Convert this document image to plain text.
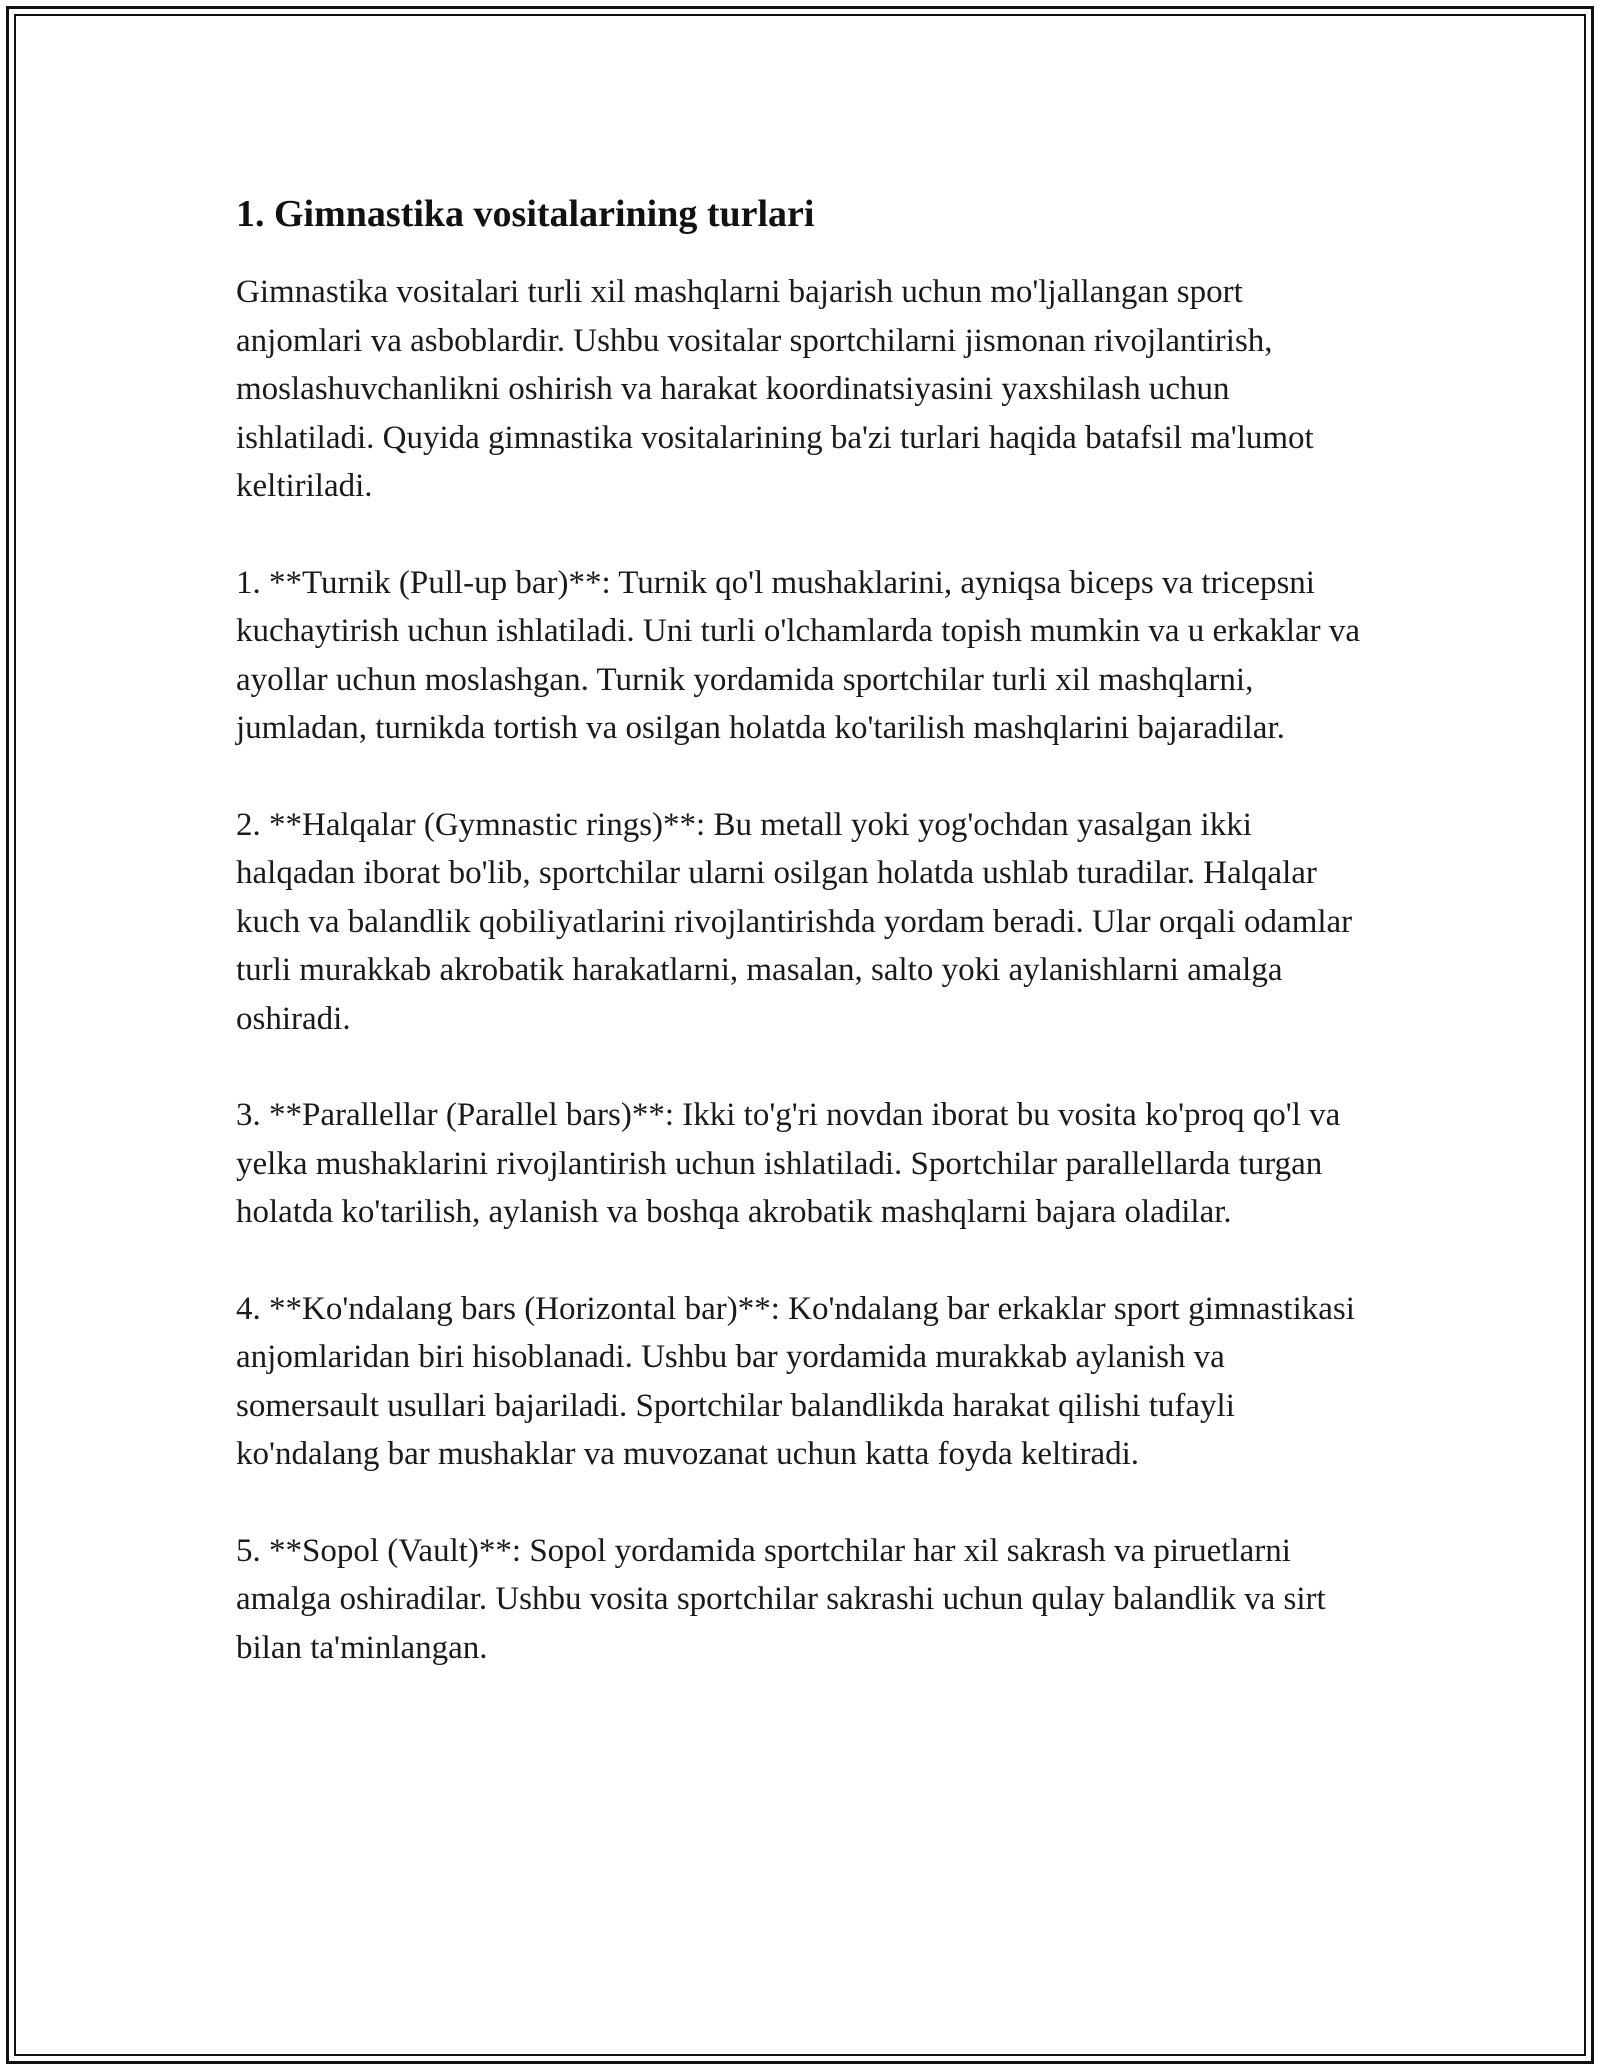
1. Gimnastika vositalarining turlari

Gimnastika vositalari turli xil mashqlarni bajarish uchun mo'ljallangan sport anjomlari va asboblardir. Ushbu vositalar sportchilarni jismonan rivojlantirish, moslashuvchanlikni oshirish va harakat koordinatsiyasini yaxshilash uchun ishlatiladi. Quyida gimnastika vositalarining ba'zi turlari haqida batafsil ma'lumot keltiriladi.

1. **Turnik (Pull-up bar)**: Turnik qo'l mushaklarini, ayniqsa biceps va tricepsni kuchaytirish uchun ishlatiladi. Uni turli o'lchamlarda topish mumkin va u erkaklar va ayollar uchun moslashgan. Turnik yordamida sportchilar turli xil mashqlarni, jumladan, turnikda tortish va osilgan holatda ko'tarilish mashqlarini bajaradilar.

2. **Halqalar (Gymnastic rings)**: Bu metall yoki yog'ochdan yasalgan ikki halqadan iborat bo'lib, sportchilar ularni osilgan holatda ushlab turadilar. Halqalar kuch va balandlik qobiliyatlarini rivojlantirishda yordam beradi. Ular orqali odamlar turli murakkab akrobatik harakatlarni, masalan, salto yoki aylanishlarni amalga oshiradi.

3. **Parallellar (Parallel bars)**: Ikki to'g'ri novdan iborat bu vosita ko'proq qo'l va yelka mushaklarini rivojlantirish uchun ishlatiladi. Sportchilar parallellarda turgan holatda ko'tarilish, aylanish va boshqa akrobatik mashqlarni bajara oladilar.

4. **Ko'ndalang bars (Horizontal bar)**: Ko'ndalang bar erkaklar sport gimnastikasi anjomlaridan biri hisoblanadi. Ushbu bar yordamida murakkab aylanish va somersault usullari bajariladi. Sportchilar balandlikda harakat qilishi tufayli ko'ndalang bar mushaklar va muvozanat uchun katta foyda keltiradi.

5. **Sopol (Vault)**: Sopol yordamida sportchilar har xil sakrash va piruetlarni amalga oshiradilar. Ushbu vosita sportchilar sakrashi uchun qulay balandlik va sirt bilan ta'minlangan.
